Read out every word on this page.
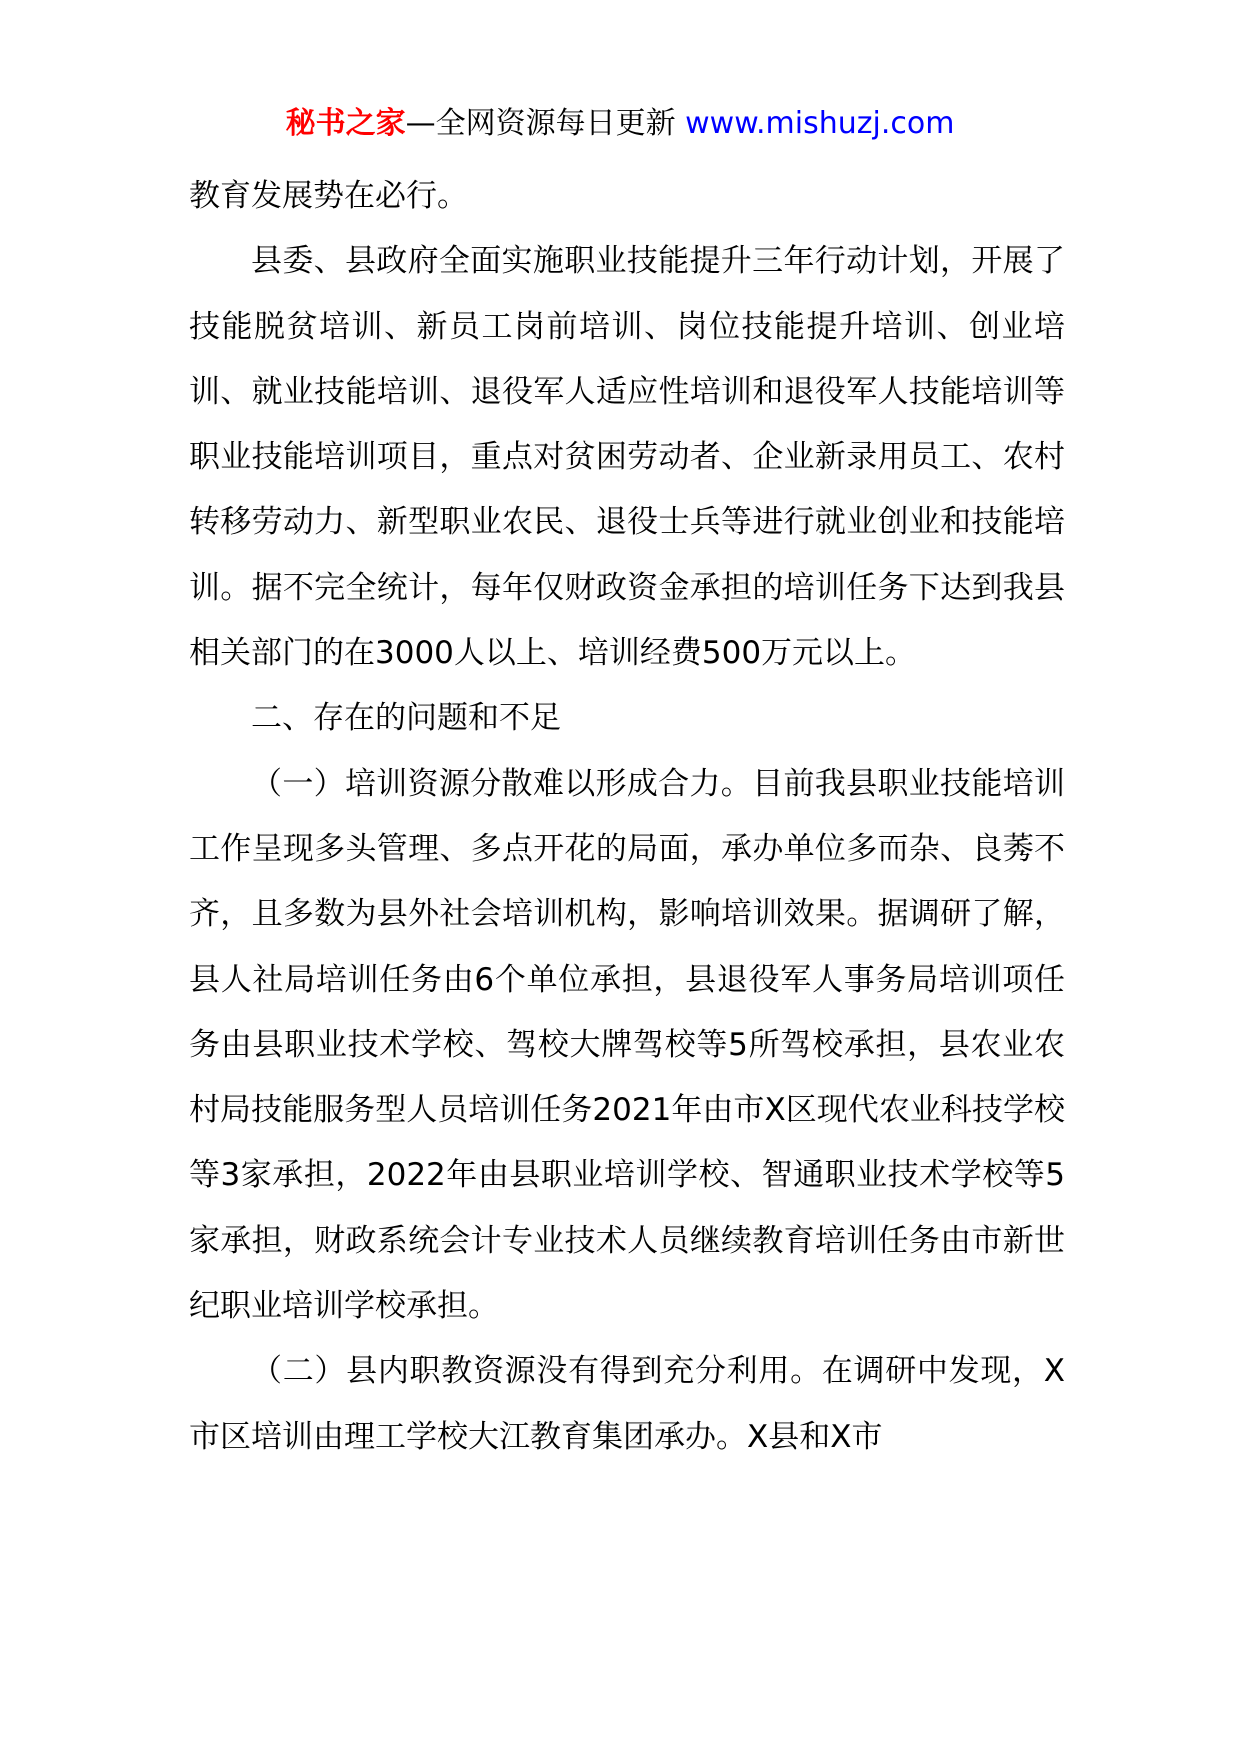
秘书之家—全网资源每日更新 www.mishuzj.com

教育发展势在必行。

县委、县政府全面实施职业技能提升三年行动计划，开展了技能脱贫培训、新员工岗前培训、岗位技能提升培训、创业培训、就业技能培训、退役军人适应性培训和退役军人技能培训等职业技能培训项目，重点对贫困劳动者、企业新录用员工、农村转移劳动力、新型职业农民、退役士兵等进行就业创业和技能培训。据不完全统计，每年仅财政资金承担的培训任务下达到我县相关部门的在3000人以上、培训经费500万元以上。

二、存在的问题和不足

（一）培训资源分散难以形成合力。目前我县职业技能培训工作呈现多头管理、多点开花的局面，承办单位多而杂、良莠不齐，且多数为县外社会培训机构，影响培训效果。据调研了解，县人社局培训任务由6个单位承担，县退役军人事务局培训项任务由县职业技术学校、驾校大牌驾校等5所驾校承担，县农业农村局技能服务型人员培训任务2021年由市X区现代农业科技学校等3家承担，2022年由县职业培训学校、智通职业技术学校等5家承担，财政系统会计专业技术人员继续教育培训任务由市新世纪职业培训学校承担。

（二）县内职教资源没有得到充分利用。在调研中发现，X市区培训由理工学校大江教育集团承办。X县和X市
